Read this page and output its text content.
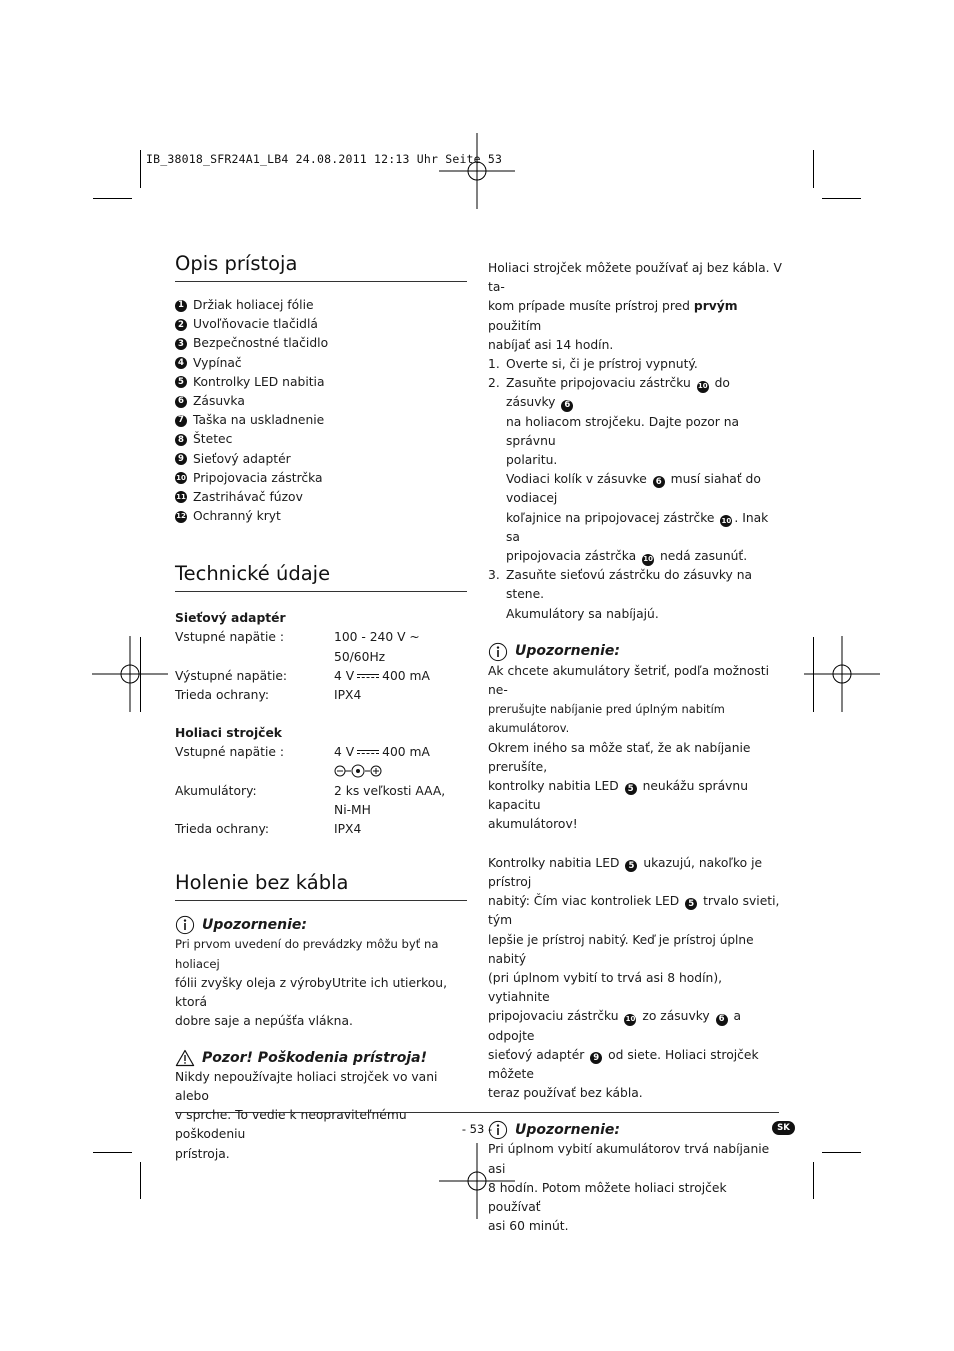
IB_38018_SFR24A1_LB4 24.08.2011 12:13 Uhr Seite 53
Opis prístoja
1 Držiak holiacej fólie
2 Uvoľňovacie tlačidlá
3 Bezpečnostné tlačidlo
4 Vypínač
5 Kontrolky LED nabitia
6 Zásuvka
7 Taška na uskladnenie
8 Štetec
9 Sieťový adaptér
10 Pripojovacia zástrčka
11 Zastrihávač fúzov
12 Ochranný kryt
Technické údaje
Sieťový adaptér
Vstupné napätie :	100 - 240 V ~
50/60Hz
Výstupné napätie:	4 V 400 mA
Trieda ochrany:	IPX4
Holiaci strojček
Vstupné napätie :	4 V 400 mA

Akumulátory:	2 ks veľkosti AAA,
Ni-MH
Trieda ochrany:	IPX4
Holenie bez kábla
Upozornenie:
Pri prvom uvedení do prevádzky môžu byť na holiacej
fólii zvyšky oleja z výrobyUtrite ich utierkou, ktorá
dobre saje a nepúšťa vlákna.
Pozor! Poškodenia prístroja!
Nikdy nepoužívajte holiaci strojček vo vani alebo
v sprche. To vedie k neopraviteľnému poškodeniu
prístroja.
Holiaci strojček môžete používať aj bez kábla. V ta-
kom prípade musíte prístroj pred prvým použitím
nabíjať asi 14 hodín.
1. Overte si, či je prístroj vypnutý.
2. Zasuňte pripojovaciu zástrčku 10 do zásuvky 6
na holiacom strojčeku. Dajte pozor na správnu
polaritu.
Vodiaci kolík v zásuvke 6 musí siahať do vodiacej
koľajnice na pripojovacej zástrčke 10 . Inak sa
pripojovacia zástrčka 10 nedá zasunúť.
3. Zasuňte sieťovú zástrčku do zásuvky na stene.
Akumulátory sa nabíjajú.
Upozornenie:
Ak chcete akumulátory šetriť, podľa možnosti ne-
prerušujte nabíjanie pred úplným nabitím akumulátorov.
Okrem iného sa môže stať, že ak nabíjanie prerušíte,
kontrolky nabitia LED 5 neukážu správnu kapacitu
akumulátorov!
Kontrolky nabitia LED 5 ukazujú, nakoľko je prístroj
nabitý: Čím viac kontroliek LED 5 trvalo svieti, tým
lepšie je prístroj nabitý. Keď je prístroj úplne nabitý
(pri úplnom vybití to trvá asi 8 hodín), vytiahnite
pripojovaciu zástrčku 10 zo zásuvky 6 a odpojte
sieťový adaptér 9 od siete. Holiaci strojček môžete
teraz používať bez kábla.
Upozornenie:
Pri úplnom vybití akumulátorov trvá nabíjanie asi
8 hodín. Potom môžete holiaci strojček používať
asi 60 minút.
- 53 -	SK
